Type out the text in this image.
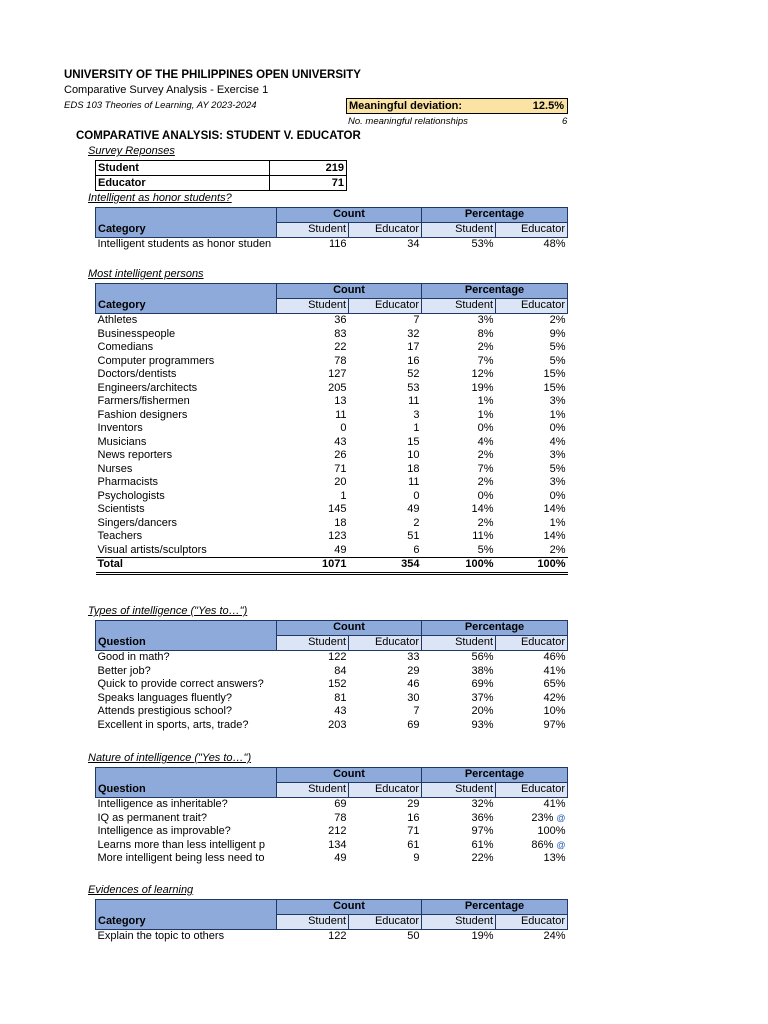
UNIVERSITY OF THE PHILIPPINES OPEN UNIVERSITY
Comparative Survey Analysis - Exercise 1
EDS 103 Theories of Learning, AY 2023-2024	Meaningful deviation:	12.5%
No. meaningful relationships	6
COMPARATIVE ANALYSIS: STUDENT V. EDUCATOR
Survey Reponses
Student	219
Educator	71
Intelligent as honor students?
	Count		Percentage	
Category	Student	Educator	Student	Educator
Intelligent students as honor studen	116	34	53%	48%
Most intelligent persons
	Count		Percentage	
Category	Student	Educator	Student	Educator
Athletes	36	7	3%	2%
Businesspeople	83	32	8%	9%
Comedians	22	17	2%	5%
Computer programmers	78	16	7%	5%
Doctors/dentists	127	52	12%	15%
Engineers/architects	205	53	19%	15%
Farmers/fishermen	13	11	1%	3%
Fashion designers	11	3	1%	1%
Inventors	0	1	0%	0%
Musicians	43	15	4%	4%
News reporters	26	10	2%	3%
Nurses	71	18	7%	5%
Pharmacists	20	11	2%	3%
Psychologists	1	0	0%	0%
Scientists	145	49	14%	14%
Singers/dancers	18	2	2%	1%
Teachers	123	51	11%	14%
Visual artists/sculptors	49	6	5%	2%
Total	1071	354	100%	100%
Types of intelligence ("Yes to…")
	Count		Percentage	
Question	Student	Educator	Student	Educator
Good in math?	122	33	56%	46%
Better job?	84	29	38%	41%
Quick to provide correct answers?	152	46	69%	65%
Speaks languages fluently?	81	30	37%	42%
Attends prestigious school?	43	7	20%	10%
Excellent in sports, arts, trade?	203	69	93%	97%
Nature of intelligence ("Yes to…")
	Count		Percentage	
Question	Student	Educator	Student	Educator
Intelligence as inheritable?	69	29	32%	41%
IQ as permanent trait?	78	16	36%	23% @
Intelligence as improvable?	212	71	97%	100%
Learns more than less intelligent p	134	61	61%	86% @
More intelligent being less need to	49	9	22%	13%
Evidences of learning
	Count		Percentage	
Category	Student	Educator	Student	Educator
Explain the topic to others	122	50	19%	24%
